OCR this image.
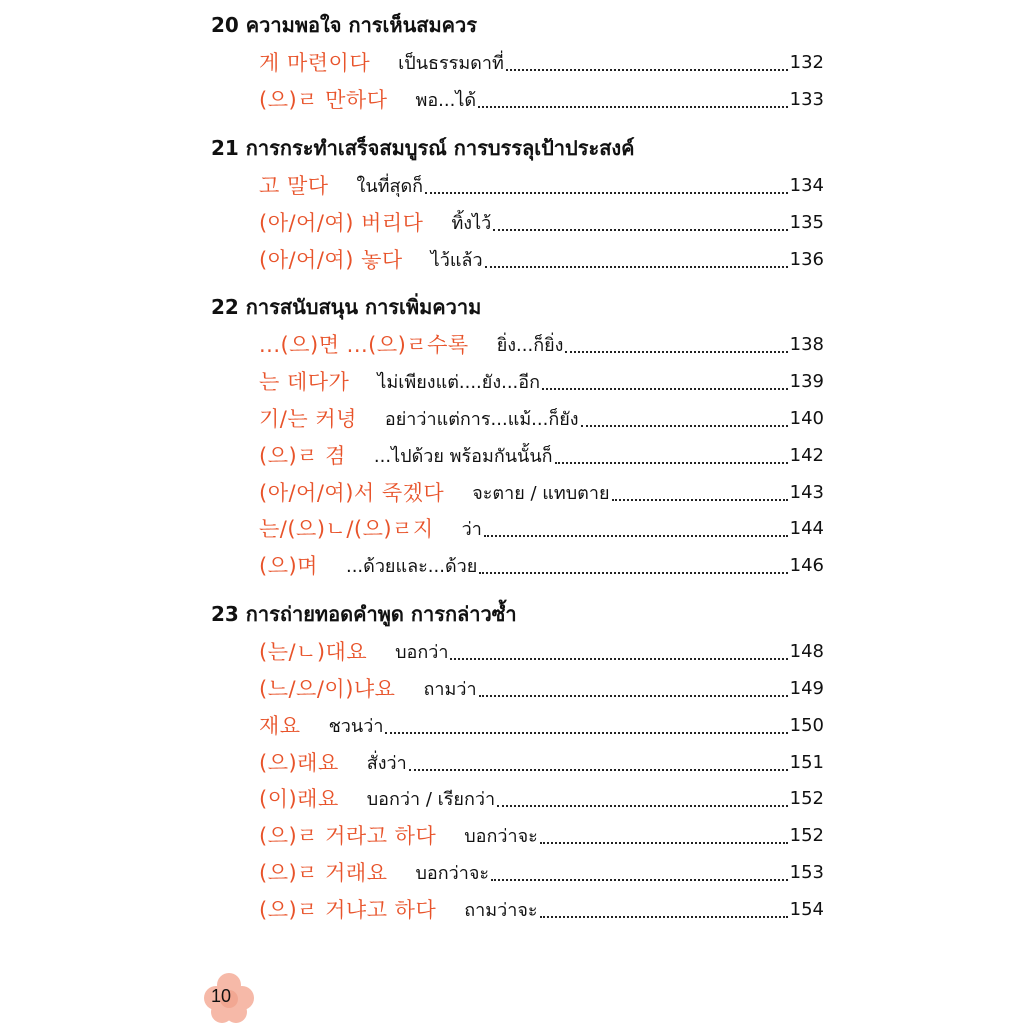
20 ความพอใจ การเห็นสมควร
21 การกระทำเสร็จสมบูรณ์ การบรรลุเป้าประสงค์
22 การสนับสนุน การเพิ่มความ
23 การถ่ายทอดคำพูด การกล่าวซ้ำ
게 마련이다 เป็นธรรมดาที่	132
(으)ㄹ 만하다 พอ...ได้	133
고 말다 ในที่สุดก็	134
(아/어/여) 버리다 ทิ้งไว้	135
(아/어/여) 놓다 ไว้แล้ว	136
...(으)면 ...(으)ㄹ수록 ยิ่ง...ก็ยิ่ง	138
는 데다가 ไม่เพียงแต่....ยัง...อีก	139
기/는 커녕 อย่าว่าแต่การ...แม้...ก็ยัง	140
(으)ㄹ 겸 ...ไปด้วย พร้อมกันนั้นก็	142
(아/어/여)서 죽겠다 จะตาย / แทบตาย	143
는/(으)ㄴ/(으)ㄹ지 ว่า	144
(으)며 ...ด้วยและ...ด้วย	146
(는/ㄴ)대요 บอกว่า	148
(느/으/이)냐요 ถามว่า	149
재요 ชวนว่า	150
(으)래요 สั่งว่า	151
(이)래요 บอกว่า / เรียกว่า	152
(으)ㄹ 거라고 하다 บอกว่าจะ	152
(으)ㄹ 거래요 บอกว่าจะ	153
(으)ㄹ 거냐고 하다 ถามว่าจะ	154
10
